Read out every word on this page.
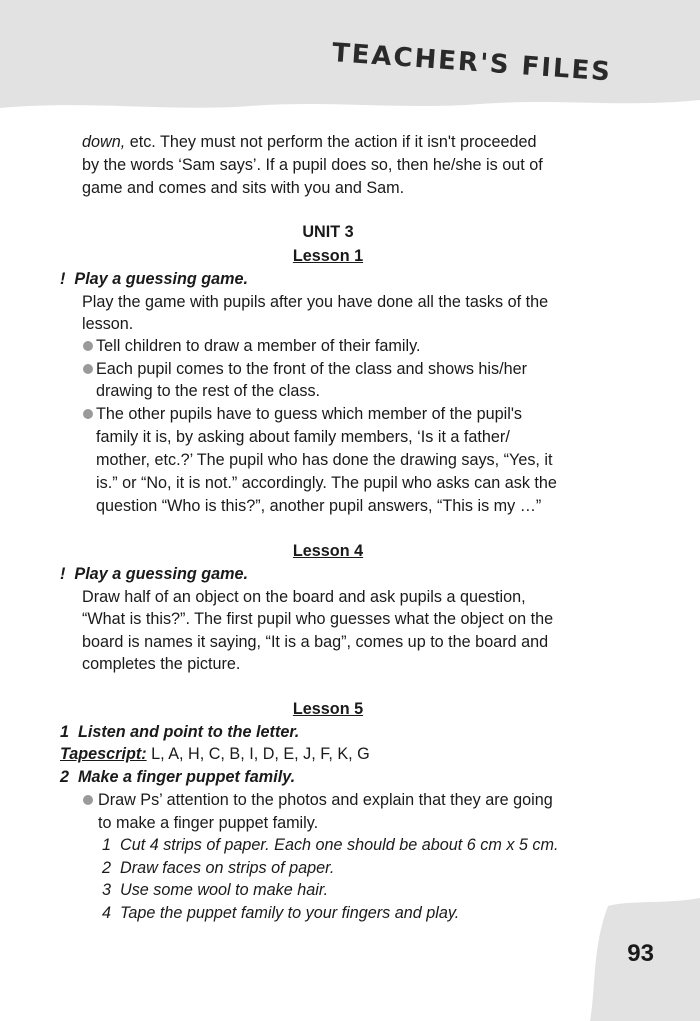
TEACHER'S FILES
93
down, etc. They must not perform the action if it isn't proceeded
by the words ‘Sam says’. If a pupil does so, then he/she is out of
game and comes and sits with you and Sam.
UNIT 3
Lesson 1
! Play a guessing game.
Play the game with pupils after you have done all the tasks of the
lesson.
Tell children to draw a member of their family.
Each pupil comes to the front of the class and shows his/her
drawing to the rest of the class.
The other pupils have to guess which member of the pupil's
family it is, by asking about family members, ‘Is it a father/
mother, etc.?’ The pupil who has done the drawing says, “Yes, it
is.” or “No, it is not.” accordingly. The pupil who asks can ask the
question “Who is this?”, another pupil answers, “This is my …”
Lesson 4
! Play a guessing game.
Draw half of an object on the board and ask pupils a question,
“What is this?”. The first pupil who guesses what the object on the
board is names it saying, “It is a bag”, comes up to the board and
completes the picture.
Lesson 5
1 Listen and point to the letter.
Tapescript: L, A, H, C, B, I, D, E, J, F, K, G
2 Make a finger puppet family.
Draw Ps’ attention to the photos and explain that they are going
to make a finger puppet family.
1 Cut 4 strips of paper. Each one should be about 6 cm x 5 cm.
2 Draw faces on strips of paper.
3 Use some wool to make hair.
4 Tape the puppet family to your fingers and play.
